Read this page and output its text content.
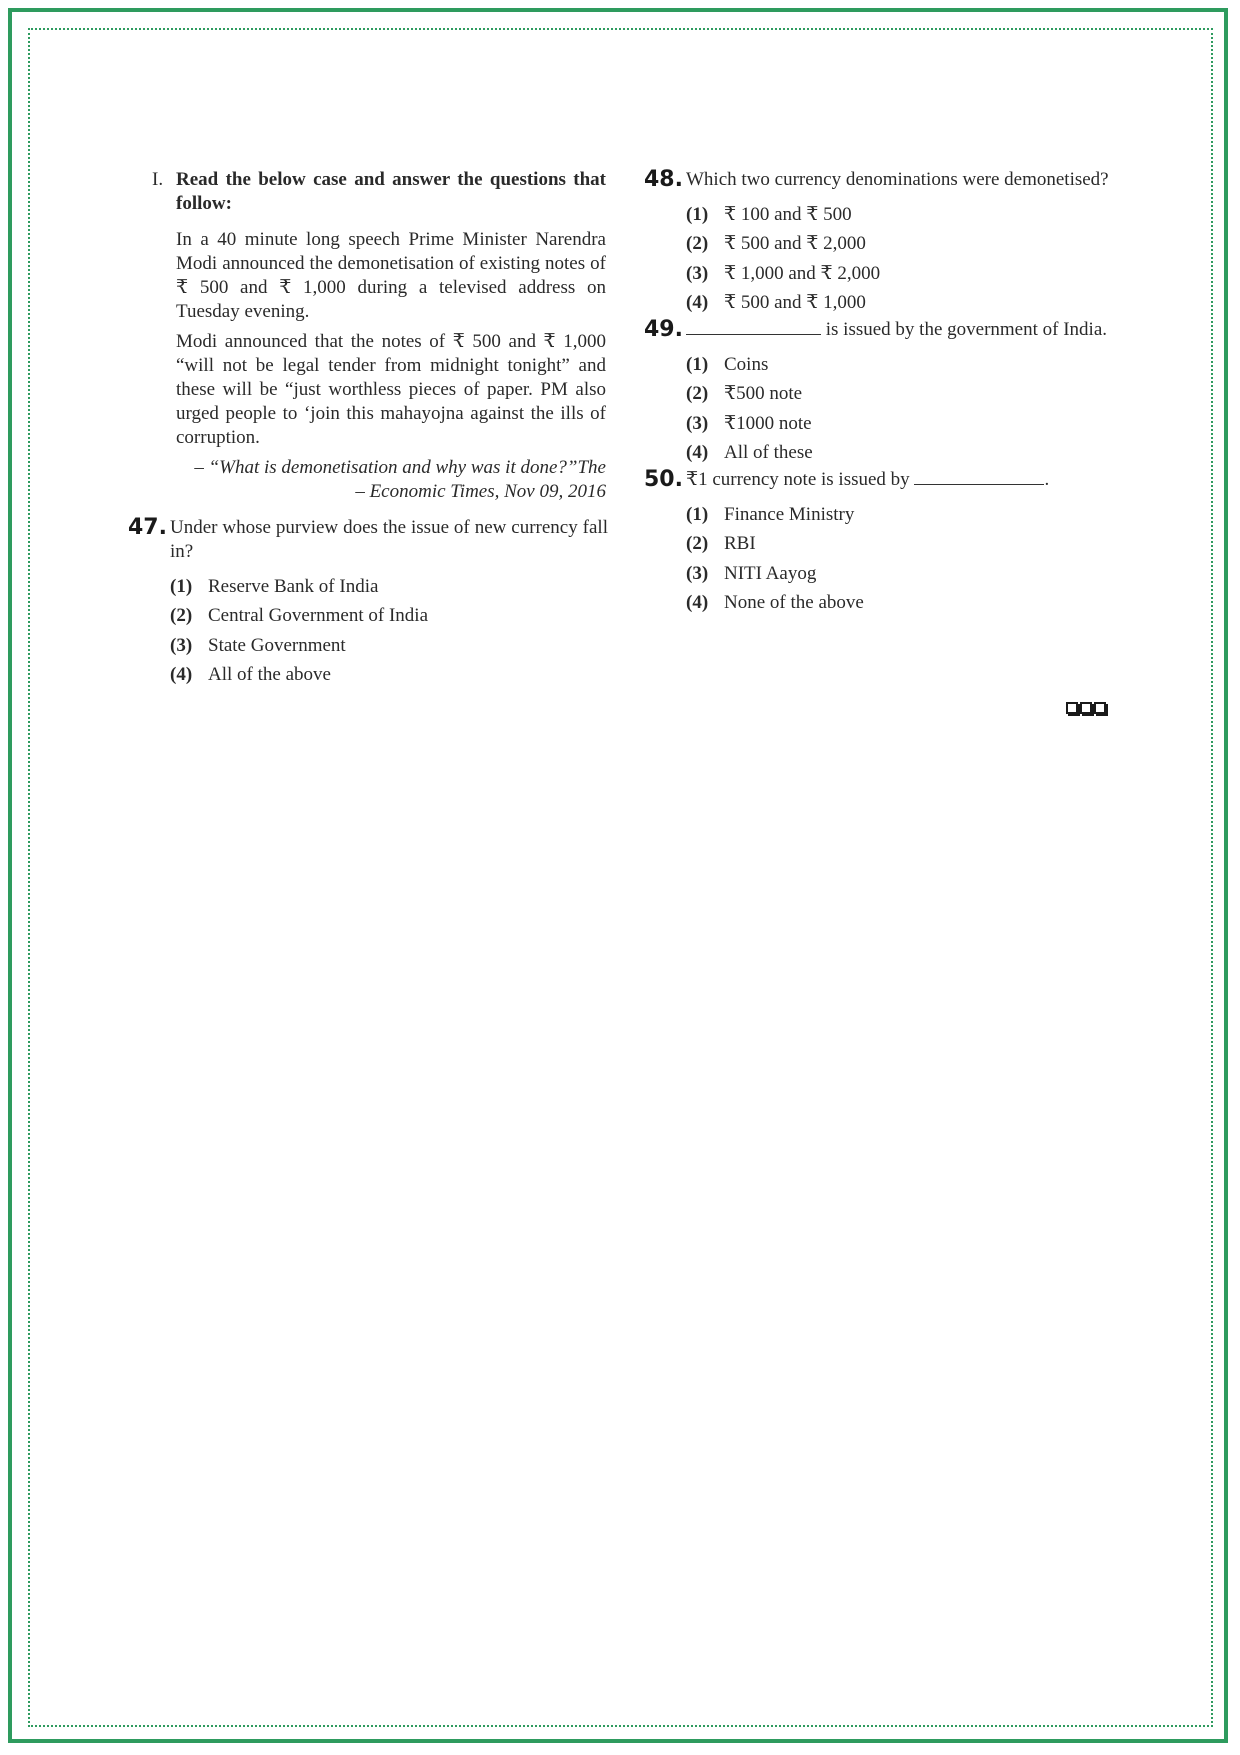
I. Read the below case and answer the questions that follow:
In a 40 minute long speech Prime Minister Narendra Modi announced the demonetisation of existing notes of ₹ 500 and ₹ 1,000 during a televised address on Tuesday evening.
Modi announced that the notes of ₹ 500 and ₹ 1,000 “will not be legal tender from midnight tonight” and these will be “just worthless pieces of paper. PM also urged people to ‘join this mahayojna against the ills of corruption.
– “What is demonetisation and why was it done?”The
– Economic Times, Nov 09, 2016
47. Under whose purview does the issue of new currency fall in?
(1) Reserve Bank of India
(2) Central Government of India
(3) State Government
(4) All of the above
48. Which two currency denominations were demonetised?
(1) ₹ 100 and ₹ 500
(2) ₹ 500 and ₹ 2,000
(3) ₹ 1,000 and ₹ 2,000
(4) ₹ 500 and ₹ 1,000
49.	is issued by the government of India.
(1) Coins
(2) ₹500 note
(3) ₹1000 note
(4) All of these
50. ₹1 currency note is issued by	.
(1) Finance Ministry
(2) RBI
(3) NITI Aayog
(4) None of the above
